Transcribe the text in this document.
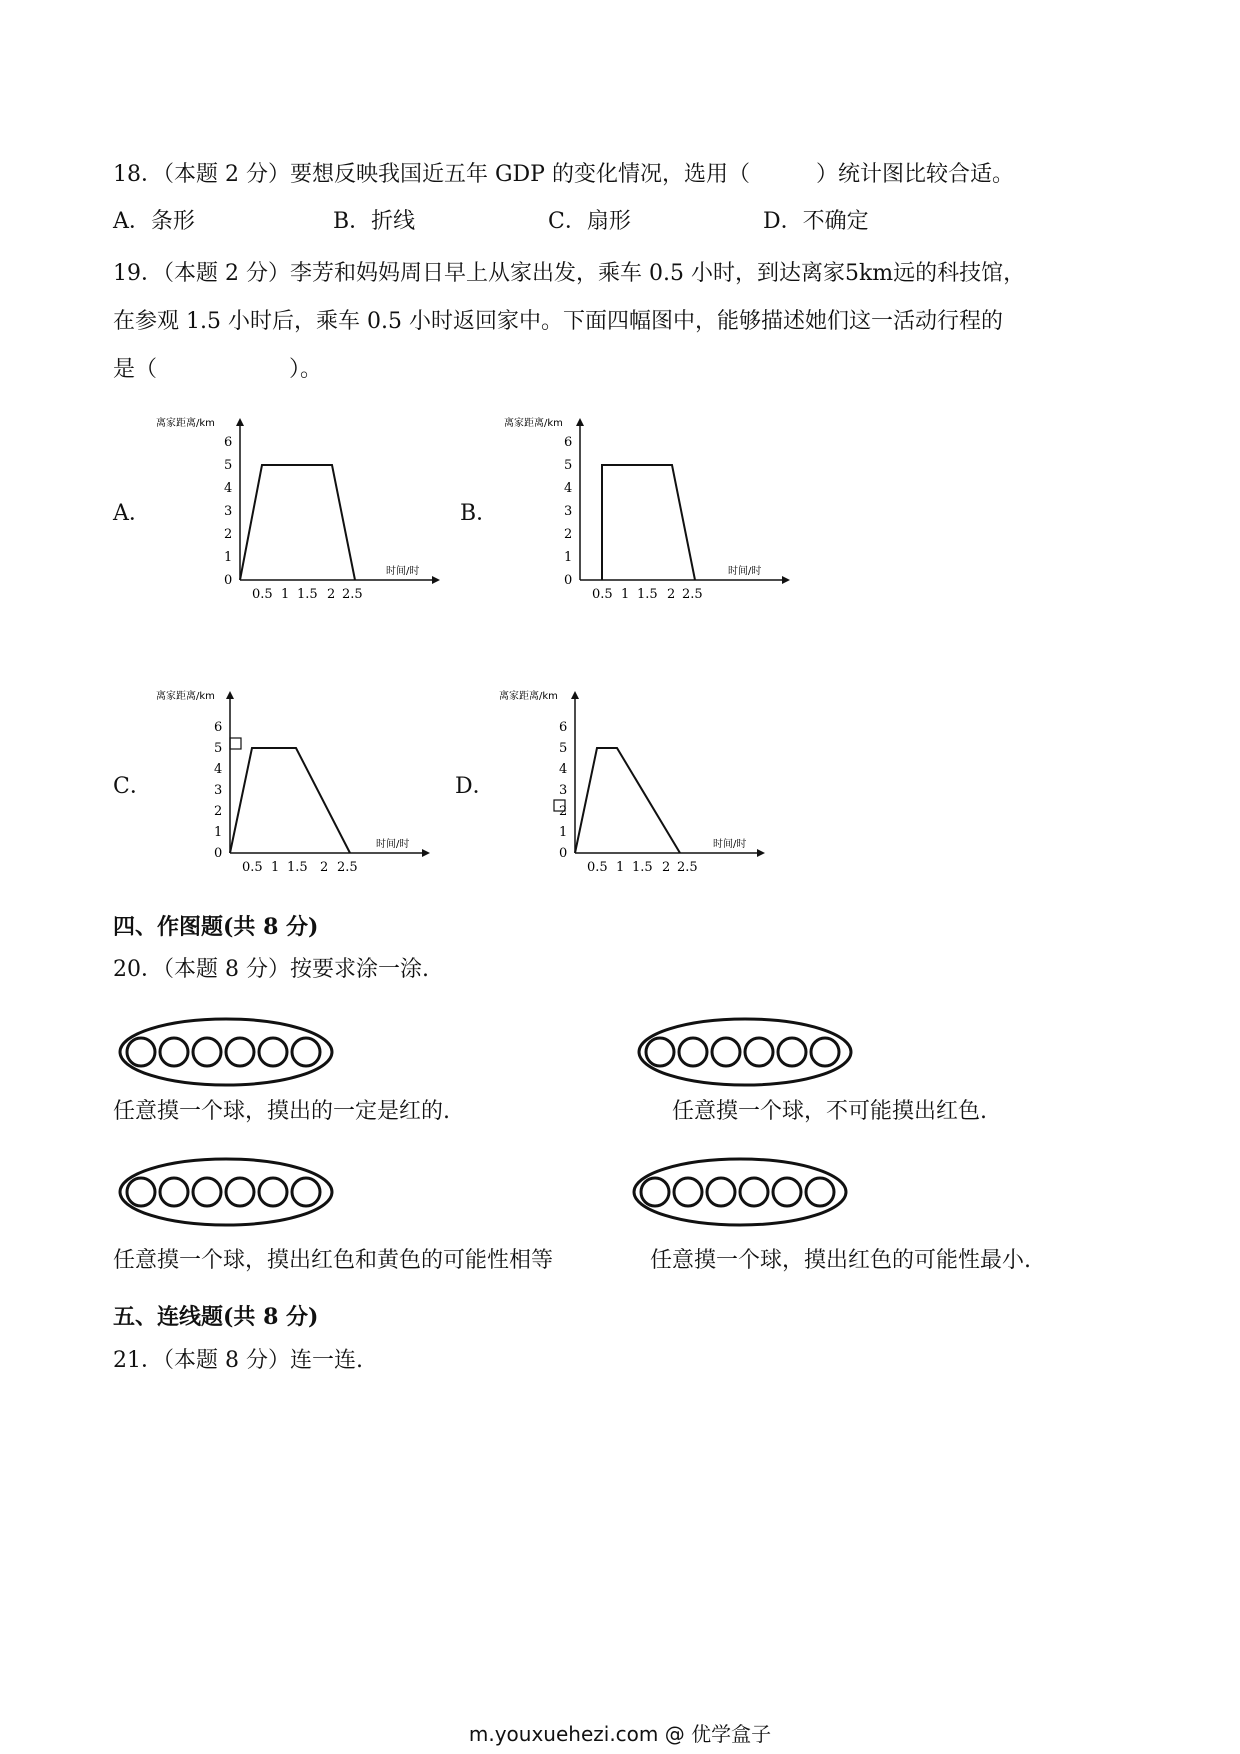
18．（本题 2 分）要想反映我国近五年 GDP 的变化情况，选用（　　　）统计图比较合适。
A．条形	B．折线	C．扇形	D．不确定
19．（本题 2 分）李芳和妈妈周日早上从家出发，乘车 0.5 小时，到达离家5km远的科技馆，
在参观 1.5 小时后，乘车 0.5 小时返回家中。下面四幅图中，能够描述她们这一活动行程的
是（　　　　　　）。
A．
离家距离/km
时间/时
0
1
2
3
4
5
6
0.5 1 1.5 2 2.5
B．
离家距离/km
时间/时
0
1
2
3
4
5
6
0.5 1 1.5 2 2.5
C．
离家距离/km
时间/时
0
1
2
3
4
5
6
0.5 1 1.5 2 2.5
D．
离家距离/km
时间/时
0
1
2
3
4
5
6
0.5 1 1.5 2 2.5
四、作图题(共 8 分)
20．（本题 8 分）按要求涂一涂.
任意摸一个球，摸出的一定是红的.	任意摸一个球，不可能摸出红色.
任意摸一个球，摸出红色和黄色的可能性相等	任意摸一个球，摸出红色的可能性最小.
五、连线题(共 8 分)
21．（本题 8 分）连一连.
m.youxuehezi.com @ 优学盒子
